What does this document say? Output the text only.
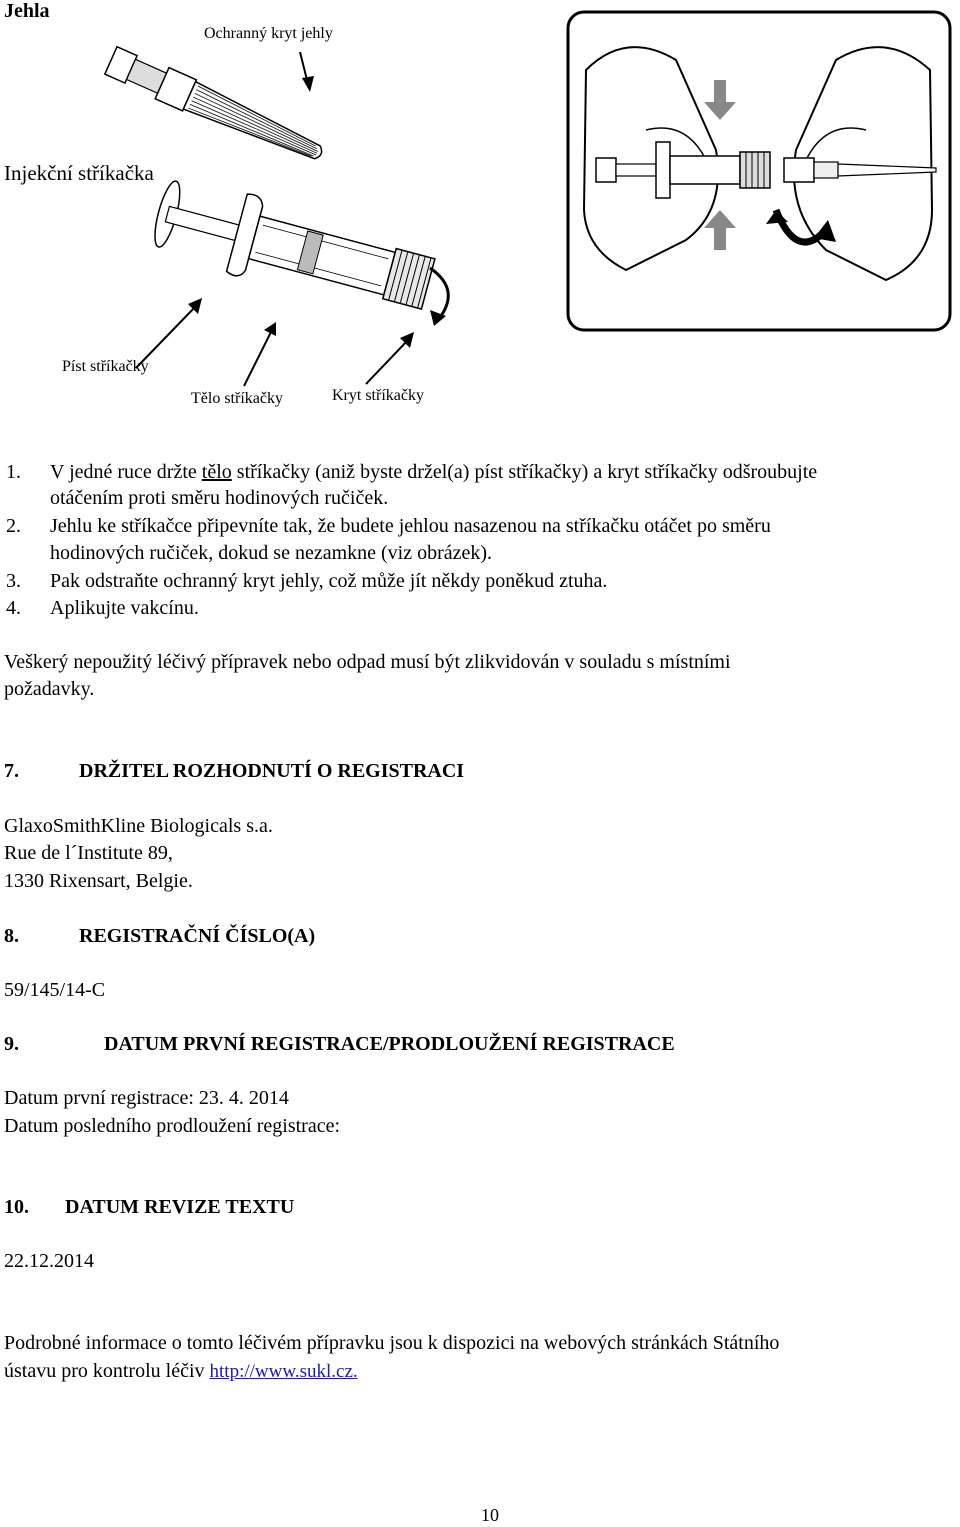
Jehla
Ochranný kryt jehly
Injekční stříkačka
Píst stříkačky
Tělo stříkačky	Kryt stříkačky
1. V jedné ruce držte tělo stříkačky (aniž byste držel(a) píst stříkačky) a kryt stříkačky odšroubujte
otáčením proti směru hodinových ručiček.
2. Jehlu ke stříkačce připevníte tak, že budete jehlou nasazenou na stříkačku otáčet po směru
hodinových ručiček, dokud se nezamkne (viz obrázek).
3. Pak odstraňte ochranný kryt jehly, což může jít někdy poněkud ztuha.
4. Aplikujte vakcínu.
Veškerý nepoužitý léčivý přípravek nebo odpad musí být zlikvidován v souladu s místními
požadavky.
7.	DRŽITEL ROZHODNUTÍ O REGISTRACI
GlaxoSmithKline Biologicals s.a.
Rue de l´Institute 89,
1330 Rixensart, Belgie.
8.	REGISTRAČNÍ ČÍSLO(A)
59/145/14-C
9.	DATUM PRVNÍ REGISTRACE/PRODLOUŽENÍ REGISTRACE
Datum první registrace: 23. 4. 2014
Datum posledního prodloužení registrace:
10. DATUM REVIZE TEXTU
22.12.2014
Podrobné informace o tomto léčivém přípravku jsou k dispozici na webových stránkách Státního
ústavu pro kontrolu léčiv http://www.sukl.cz.
10
